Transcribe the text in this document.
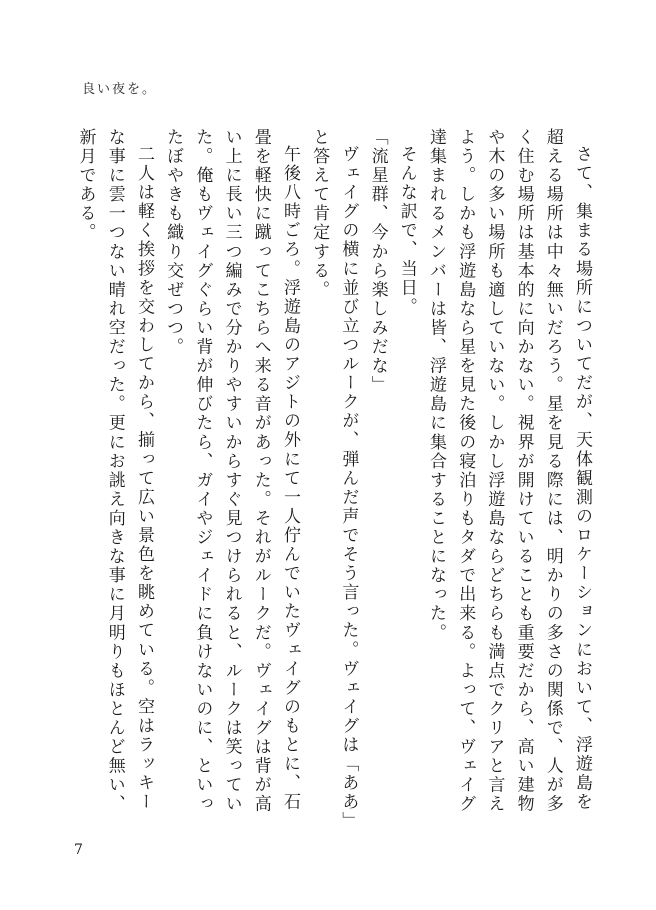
良い夜を。

さて、集まる場所についてだが、天体観測のロケーションにおいて、浮遊島を超える場所は中々無いだろう。星を見る際には、明かりの多さの関係で、人が多く住む場所は基本的に向かない。視界が開けていることも重要だから、高い建物や木の多い場所も適していない。しかし浮遊島ならどちらも満点でクリアと言えよう。しかも浮遊島なら星を見た後の寝泊りもタダで出来る。よって、ヴェイグ達集まれるメンバーは皆、浮遊島に集合することになった。

そんな訳で、当日。

「流星群、今から楽しみだな」

ヴェイグの横に並び立つルークが、弾んだ声でそう言った。ヴェイグは「ああ」と答えて肯定する。

午後八時ごろ。浮遊島のアジトの外にて一人佇んでいたヴェイグのもとに、石畳を軽快に蹴ってこちらへ来る音があった。それがルークだ。ヴェイグは背が高い上に長い三つ編みで分かりやすいからすぐ見つけられると、ルークは笑っていた。俺もヴェイグぐらい背が伸びたら、ガイやジェイドに負けないのに、といったぼやきも織り交ぜつつ。

二人は軽く挨拶を交わしてから、揃って広い景色を眺めている。空はラッキーな事に雲一つない晴れ空だった。更にお誂え向きな事に月明りもほとんど無い、新月である。

7
